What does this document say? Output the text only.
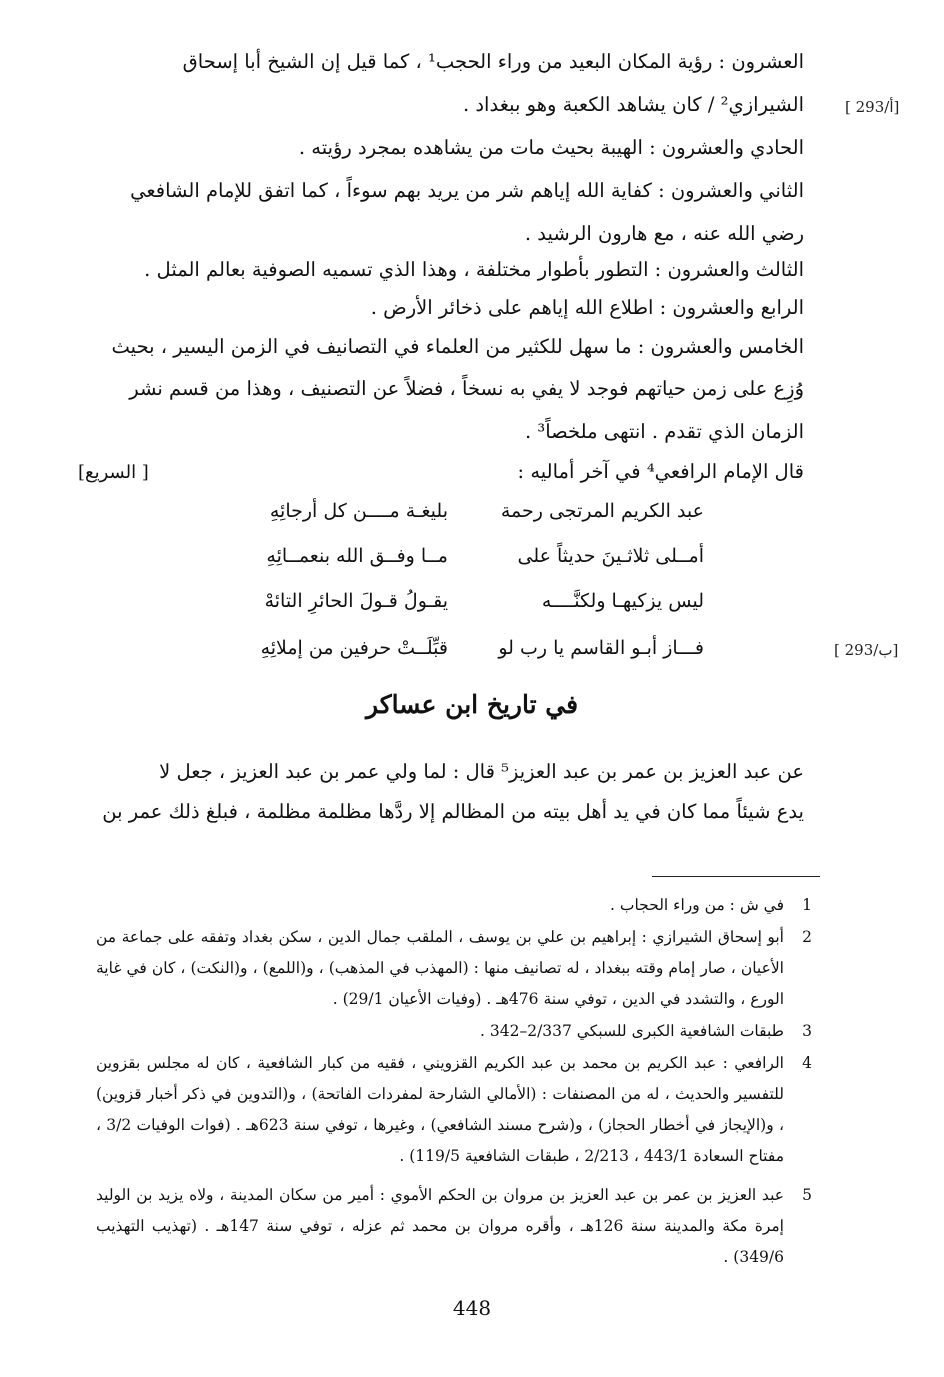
العشرون : رؤية المكان البعيد من وراء الحجب¹ ، كما قيل إن الشيخ أبا إسحاق
الشيرازي² / كان يشاهد الكعبة وهو ببغداد .	[ 293/أ]
الحادي والعشرون : الهيبة بحيث مات من يشاهده بمجرد رؤيته .
الثاني والعشرون : كفاية الله إياهم شر من يريد بهم سوءاً ، كما اتفق للإمام الشافعي
رضي الله عنه ، مع هارون الرشيد .
الثالث والعشرون : التطور بأطوار مختلفة ، وهذا الذي تسميه الصوفية بعالم المثل .
الرابع والعشرون : اطلاع الله إياهم على ذخائر الأرض .
الخامس والعشرون : ما سهل للكثير من العلماء في التصانيف في الزمن اليسير ، بحيث
وُزِع على زمن حياتهم فوجد لا يفي به نسخاً ، فضلاً عن التصنيف ، وهذا من قسم نشر
الزمان الذي تقدم . انتهى ملخصاً³ .
قال الإمام الرافعي⁴ في آخر أماليه :
[ السريع]
عبد الكريم المرتجى رحمة
بليغـة مــــن كل أرجائِهِ
أمــلى ثلاثـينَ حديثاً على
مــا وفــق الله بنعمــائِهِ
ليس يزكيهـا ولكنَّــــه
يقـولُ قـولَ الحائرِ التائهْ
فـــاز أبـو القاسم يا رب لو
قبِّلَــتْ حرفين من إملائِهِ	[ 293/ب]
في تاريخ ابن عساكر
عن عبد العزيز بن عمر بن عبد العزيز⁵ قال : لما ولي عمر بن عبد العزيز ، جعل لا
يدع شيئاً مما كان في يد أهل بيته من المظالم إلا ردَّها مظلمة مظلمة ، فبلغ ذلك عمر بن
1
في ش : من وراء الحجاب .
2
أبو إسحاق الشيرازي : إبراهيم بن علي بن يوسف ، الملقب جمال الدين ، سكن بغداد وتفقه على جماعة من الأعيان ، صار إمام وقته ببغداد ، له تصانيف منها : (المهذب في المذهب) ، و(اللمع) ، و(النكت) ، كان في غاية الورع ، والتشدد في الدين ، توفي سنة 476هـ . (وفيات الأعيان 29/1) .
3
طبقات الشافعية الكبرى للسبكي 2/337–342 .
4
الرافعي : عبد الكريم بن محمد بن عبد الكريم القزويني ، فقيه من كبار الشافعية ، كان له مجلس بقزوين للتفسير والحديث ، له من المصنفات : (الأمالي الشارحة لمفردات الفاتحة) ، و(التدوين في ذكر أخبار قزوين) ، و(الإيجاز في أخطار الحجاز) ، و(شرح مسند الشافعي) ، وغيرها ، توفي سنة 623هـ . (فوات الوفيات 3/2 ، مفتاح السعادة 443/1 ، 2/213 ، طبقات الشافعية 119/5) .
5
عبد العزيز بن عمر بن عبد العزيز بن مروان بن الحكم الأموي : أمير من سكان المدينة ، ولاه يزيد بن الوليد إمرة مكة والمدينة سنة 126هـ ، وأقره مروان بن محمد ثم عزله ، توفي سنة 147هـ . (تهذيب التهذيب 349/6) .
448
